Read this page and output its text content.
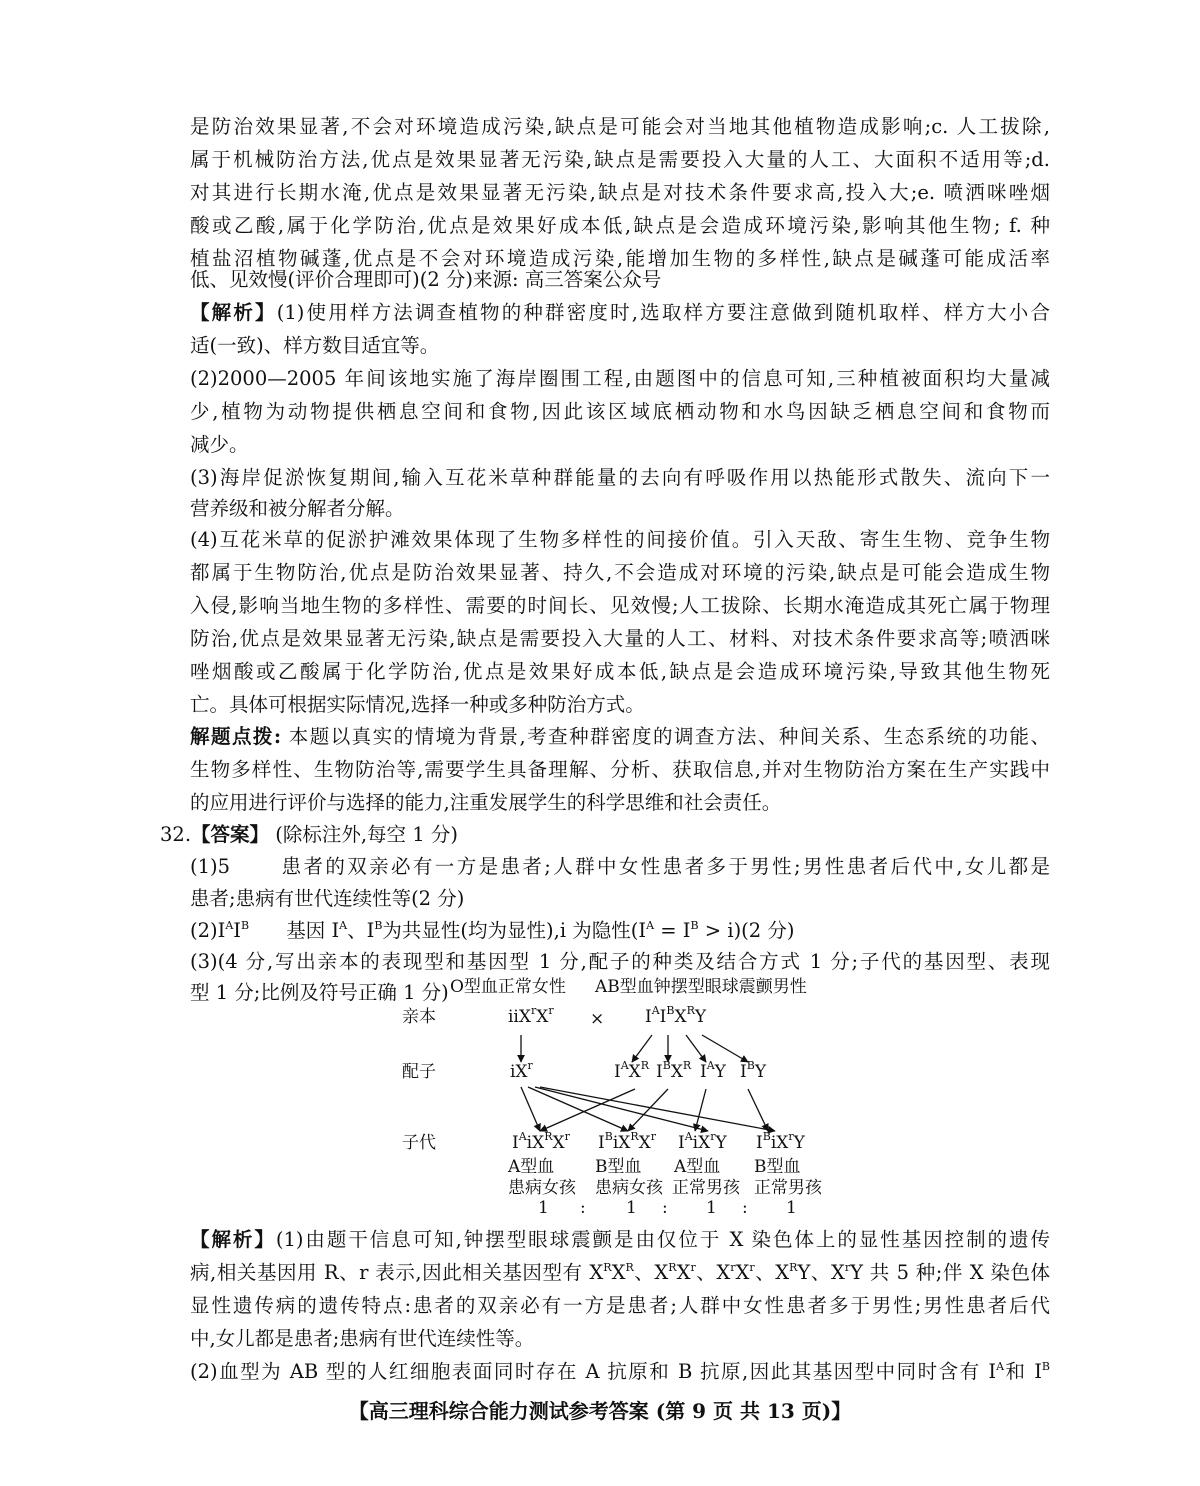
是防治效果显著,不会对环境造成污染,缺点是可能会对当地其他植物造成影响;c. 人工拔除,
属于机械防治方法,优点是效果显著无污染,缺点是需要投入大量的人工、大面积不适用等;d.
对其进行长期水淹,优点是效果显著无污染,缺点是对技术条件要求高,投入大;e. 喷洒咪唑烟
酸或乙酸,属于化学防治,优点是效果好成本低,缺点是会造成环境污染,影响其他生物; f. 种
植盐沼植物碱蓬,优点是不会对环境造成污染,能增加生物的多样性,缺点是碱蓬可能成活率
低、见效慢(评价合理即可)(2 分)来源: 高三答案公众号
【解析】(1)使用样方法调查植物的种群密度时,选取样方要注意做到随机取样、样方大小合
适(一致)、样方数目适宜等。
(2)2000—2005 年间该地实施了海岸圈围工程,由题图中的信息可知,三种植被面积均大量减
少,植物为动物提供栖息空间和食物,因此该区域底栖动物和水鸟因缺乏栖息空间和食物而
减少。
(3)海岸促淤恢复期间,输入互花米草种群能量的去向有呼吸作用以热能形式散失、流向下一
营养级和被分解者分解。
(4)互花米草的促淤护滩效果体现了生物多样性的间接价值。引入天敌、寄生生物、竞争生物
都属于生物防治,优点是防治效果显著、持久,不会造成对环境的污染,缺点是可能会造成生物
入侵,影响当地生物的多样性、需要的时间长、见效慢;人工拔除、长期水淹造成其死亡属于物理
防治,优点是效果显著无污染,缺点是需要投入大量的人工、材料、对技术条件要求高等;喷洒咪
唑烟酸或乙酸属于化学防治,优点是效果好成本低,缺点是会造成环境污染,导致其他生物死
亡。具体可根据实际情况,选择一种或多种防治方式。
解题点拨: 本题以真实的情境为背景,考查种群密度的调查方法、种间关系、生态系统的功能、
生物多样性、生物防治等,需要学生具备理解、分析、获取信息,并对生物防治方案在生产实践中
的应用进行评价与选择的能力,注重发展学生的科学思维和社会责任。
32.【答案】 (除标注外,每空 1 分)
(1)5      患者的双亲必有一方是患者;人群中女性患者多于男性;男性患者后代中,女儿都是
患者;患病有世代连续性等(2 分)
$(2)I^AI^B$      基因 $I^A$、$I^B$为共显性(均为显性),i 为隐性$(I^A = I^B > i)(2$ 分)
(3)(4 分,写出亲本的表现型和基因型 1 分,配子的种类及结合方式 1 分;子代的基因型、表现
型 1 分;比例及符号正确 1 分) O型血正常女性 AB型血钟摆型眼球震颤男性
亲本	$iiX^rX^r \times I^AI^BX^RY$
配子	$iX^r$	$I^AX^R$ $I^BX^R$ $I^AY$ $I^BY$
子代	$I^AiX^RX^r$ $I^BiX^RX^r$ $I^AiX^rY$ $I^BiX^rY$
A型血 B型血 A型血 B型血
患病女孩 患病女孩 正常男孩 正常男孩
1 : 1 : 1 : 1
【解析】(1)由题干信息可知,钟摆型眼球震颤是由仅位于 X 染色体上的显性基因控制的遗传
病,相关基因用 R、r 表示,因此相关基因型有 $X^RX^R$、$X^RX^r$、$X^rX^r$、$X^RY$、$X^rY$ 共 5 种;伴 X 染色体
显性遗传病的遗传特点:患者的双亲必有一方是患者;人群中女性患者多于男性;男性患者后代
中,女儿都是患者;患病有世代连续性等。
(2)血型为 AB 型的人红细胞表面同时存在 A 抗原和 B 抗原,因此其基因型中同时含有 $I^A$和 $I^B$
【高三理科综合能力测试参考答案 (第 9 页 共 13 页)】
